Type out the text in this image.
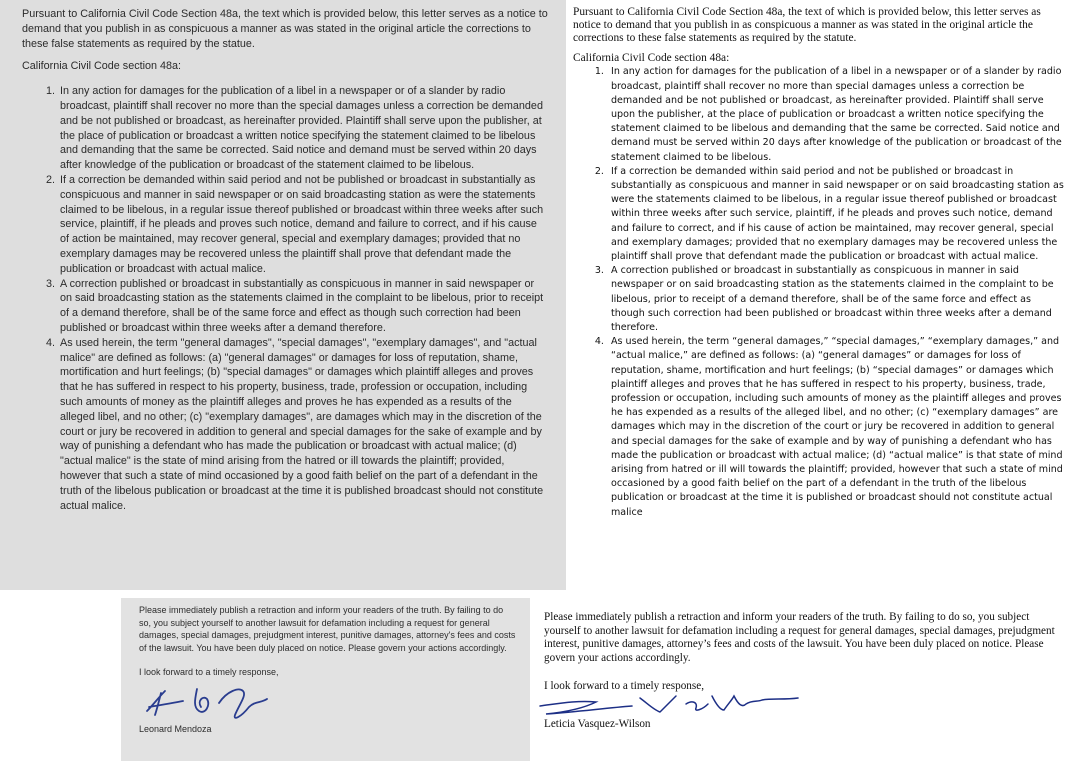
Pursuant to California Civil Code Section 48a, the text which is provided below, this letter serves as a notice to demand that you publish in as conspicuous a manner as was stated in the original article the corrections to these false statements as required by the statue.

California Civil Code section 48a:

1. In any action for damages for the publication of a libel in a newspaper or of a slander by radio broadcast, plaintiff shall recover no more than the special damages unless a correction be demanded and be not published or broadcast, as hereinafter provided. Plaintiff shall serve upon the publisher, at the place of publication or broadcast a written notice specifying the statement claimed to be libelous and demanding that the same be corrected. Said notice and demand must be served within 20 days after knowledge of the publication or broadcast of the statement claimed to be libelous.
2. If a correction be demanded within said period and not be published or broadcast in substantially as conspicuous and manner in said newspaper or on said broadcasting station as were the statements claimed to be libelous, in a regular issue thereof published or broadcast within three weeks after such service, plaintiff, if he pleads and proves such notice, demand and failure to correct, and if his cause of action be maintained, may recover general, special and exemplary damages; provided that no exemplary damages may be recovered unless the plaintiff shall prove that defendant made the publication or broadcast with actual malice.
3. A correction published or broadcast in substantially as conspicuous in manner in said newspaper or on said broadcasting station as the statements claimed in the complaint to be libelous, prior to receipt of a demand therefore, shall be of the same force and effect as though such correction had been published or broadcast within three weeks after a demand therefore.
4. As used herein, the term "general damages", "special damages", "exemplary damages", and "actual malice" are defined as follows: (a) "general damages" or damages for loss of reputation, shame, mortification and hurt feelings; (b) "special damages" or damages which plaintiff alleges and proves that he has suffered in respect to his property, business, trade, profession or occupation, including such amounts of money as the plaintiff alleges and proves he has expended as a results of the alleged libel, and no other; (c) "exemplary damages", are damages which may in the discretion of the court or jury be recovered in addition to general and special damages for the sake of example and by way of punishing a defendant who has made the publication or broadcast with actual malice; (d) "actual malice" is the state of mind arising from the hatred or ill towards the plaintiff; provided, however that such a state of mind occasioned by a good faith belief on the part of a defendant in the truth of the libelous publication or broadcast at the time it is published broadcast should not constitute actual malice.

Pursuant to California Civil Code Section 48a, the text of which is provided below, this letter serves as notice to demand that you publish in as conspicuous a manner as was stated in the original article the corrections to these false statements as required by the statute.

California Civil Code section 48a:

1. In any action for damages for the publication of a libel in a newspaper or of a slander by radio broadcast, plaintiff shall recover no more than special damages unless a correction be demanded and be not published or broadcast, as hereinafter provided. Plaintiff shall serve upon the publisher, at the place of publication or broadcast a written notice specifying the statement claimed to be libelous and demanding that the same be corrected. Said notice and demand must be served within 20 days after knowledge of the publication or broadcast of the statement claimed to be libelous.
2. If a correction be demanded within said period and not be published or broadcast in substantially as conspicuous and manner in said newspaper or on said broadcasting station as were the statements claimed to be libelous, in a regular issue thereof published or broadcast within three weeks after such service, plaintiff, if he pleads and proves such notice, demand and failure to correct, and if his cause of action be maintained, may recover general, special and exemplary damages; provided that no exemplary damages may be recovered unless the plaintiff shall prove that defendant made the publication or broadcast with actual malice.
3. A correction published or broadcast in substantially as conspicuous in manner in said newspaper or on said broadcasting station as the statements claimed in the complaint to be libelous, prior to receipt of a demand therefore, shall be of the same force and effect as though such correction had been published or broadcast within three weeks after a demand therefore.
4. As used herein, the term “general damages,” “special damages,” “exemplary damages,” and “actual malice,” are defined as follows: (a) “general damages” or damages for loss of reputation, shame, mortification and hurt feelings; (b) “special damages” or damages which plaintiff alleges and proves that he has suffered in respect to his property, business, trade, profession or occupation, including such amounts of money as the plaintiff alleges and proves he has expended as a results of the alleged libel, and no other; (c) “exemplary damages” are damages which may in the discretion of the court or jury be recovered in addition to general and special damages for the sake of example and by way of punishing a defendant who has made the publication or broadcast with actual malice; (d) “actual malice” is that state of mind arising from hatred or ill will towards the plaintiff; provided, however that such a state of mind occasioned by a good faith belief on the part of a defendant in the truth of the libelous publication or broadcast at the time it is published or broadcast should not constitute actual malice

Please immediately publish a retraction and inform your readers of the truth. By failing to do so, you subject yourself to another lawsuit for defamation including a request for general damages, special damages, prejudgment interest, punitive damages, attorney's fees and costs of the lawsuit. You have been duly placed on notice. Please govern your actions accordingly.

I look forward to a timely response,

Leonard Mendoza

Please immediately publish a retraction and inform your readers of the truth. By failing to do so, you subject yourself to another lawsuit for defamation including a request for general damages, special damages, prejudgment interest, punitive damages, attorney’s fees and costs of the lawsuit. You have been duly placed on notice. Please govern your actions accordingly.

I look forward to a timely response,

Leticia Vasquez-Wilson
